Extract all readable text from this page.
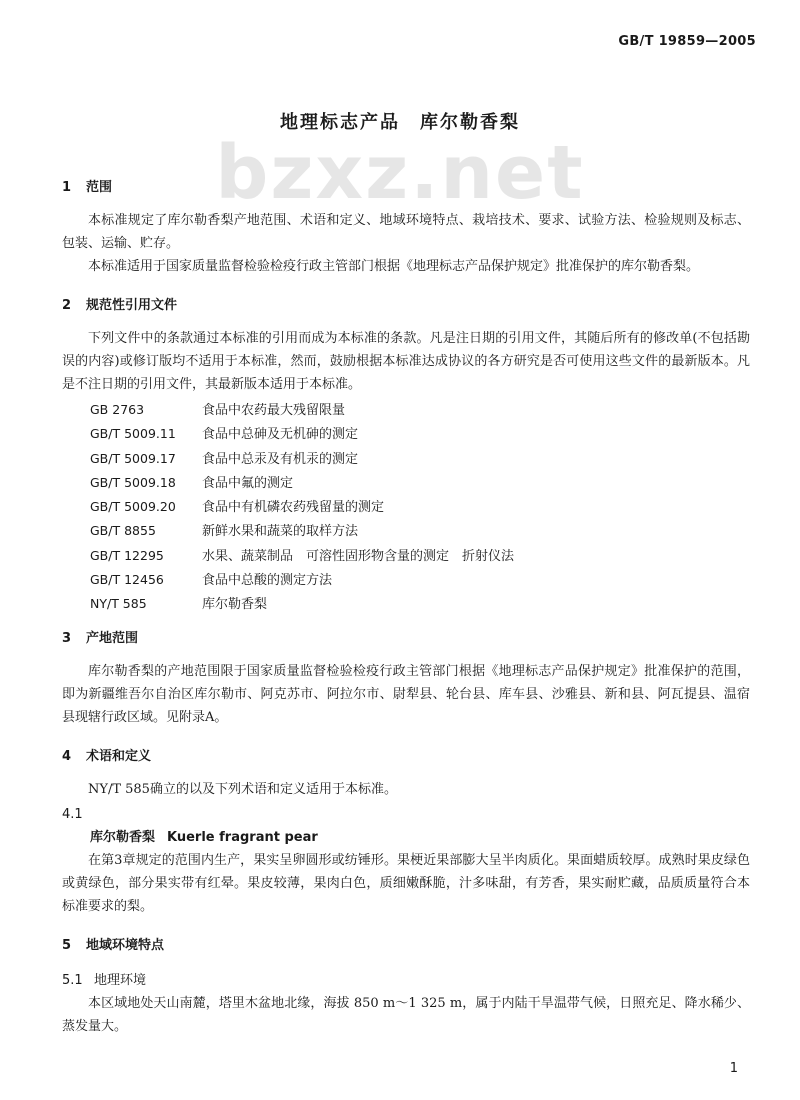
GB/T 19859—2005
bzxz.net
地理标志产品　库尔勒香梨

1 范围

本标准规定了库尔勒香梨产地范围、术语和定义、地域环境特点、栽培技术、要求、试验方法、检验规则及标志、包装、运输、贮存。

本标准适用于国家质量监督检验检疫行政主管部门根据《地理标志产品保护规定》批准保护的库尔勒香梨。

2 规范性引用文件

下列文件中的条款通过本标准的引用而成为本标准的条款。凡是注日期的引用文件，其随后所有的修改单(不包括勘误的内容)或修订版均不适用于本标准，然而，鼓励根据本标准达成协议的各方研究是否可使用这些文件的最新版本。凡是不注日期的引用文件，其最新版本适用于本标准。

GB 2763	食品中农药最大残留限量
GB/T 5009.11 食品中总砷及无机砷的测定
GB/T 5009.17 食品中总汞及有机汞的测定
GB/T 5009.18 食品中氟的测定
GB/T 5009.20 食品中有机磷农药残留量的测定
GB/T 8855	新鲜水果和蔬菜的取样方法
GB/T 12295	水果、蔬菜制品　可溶性固形物含量的测定　折射仪法
GB/T 12456	食品中总酸的测定方法
NY/T 585	库尔勒香梨

3 产地范围

库尔勒香梨的产地范围限于国家质量监督检验检疫行政主管部门根据《地理标志产品保护规定》批准保护的范围，即为新疆维吾尔自治区库尔勒市、阿克苏市、阿拉尔市、尉犁县、轮台县、库车县、沙雅县、新和县、阿瓦提县、温宿县现辖行政区域。见附录A。

4 术语和定义

NY/T 585确立的以及下列术语和定义适用于本标准。

4.1

库尔勒香梨 Kuerle fragrant pear

在第3章规定的范围内生产，果实呈卵圆形或纺锤形。果梗近果部膨大呈半肉质化。果面蜡质较厚。成熟时果皮绿色或黄绿色，部分果实带有红晕。果皮较薄，果肉白色，质细嫩酥脆，汁多味甜，有芳香，果实耐贮藏，品质质量符合本标准要求的梨。

5 地域环境特点

5.1 地理环境

本区域地处天山南麓，塔里木盆地北缘，海拔 850 m～1 325 m，属于内陆干旱温带气候，日照充足、降水稀少、蒸发量大。

1
